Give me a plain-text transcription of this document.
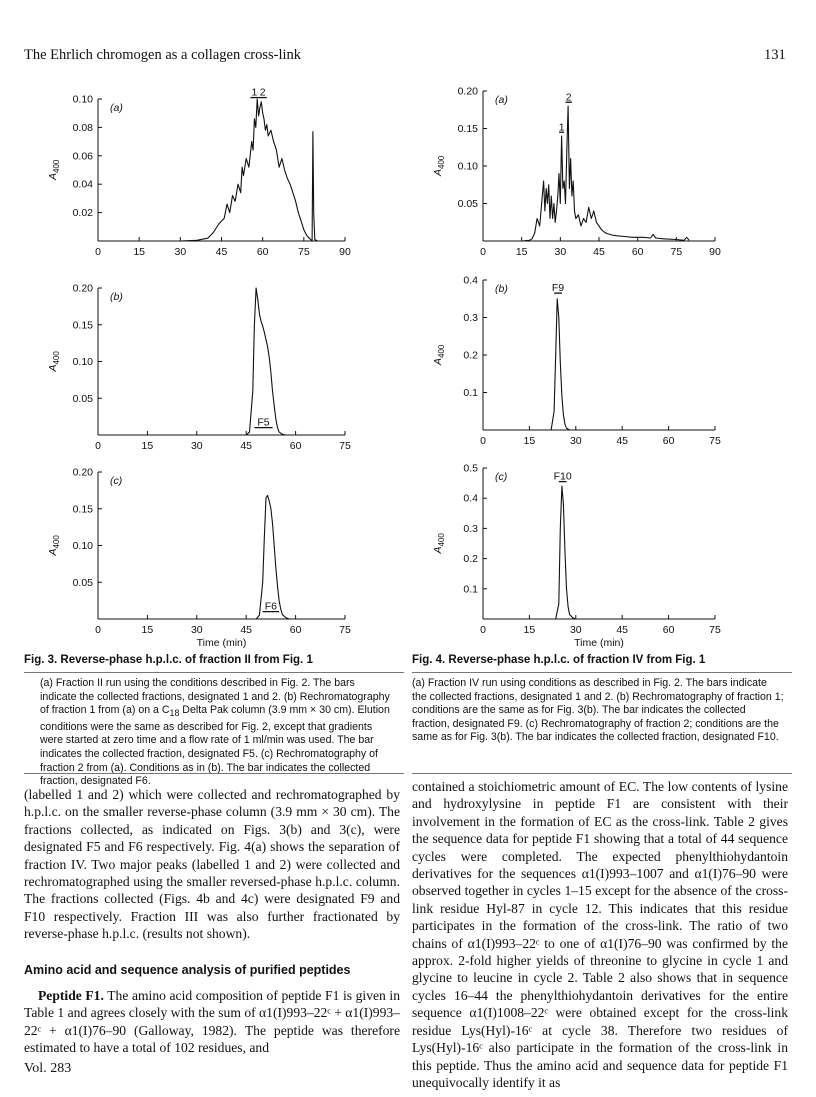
The Ehrlich chromogen as a collagen cross-link	131
0	15	30	45	60	75	90
0.02
0.04
0.06
0.08
0.10
$A_{400}$
(a)
1 2
0	15	30	45	60	75
0.05
0.10
0.15
0.20
$A_{400}$
(b)
F5
0	15	30	45	60	75
0.05
0.10
0.15
0.20
$A_{400}$
(c)
Time (min)
F6
0	15	30	45	60	75	90
0.05
0.10
0.15
0.20
$A_{400}$
(a)
1
2
0	15	30	45	60	75
0.1
0.2
0.3
0.4
$A_{400}$
(b)	F9
0	15	30	45	60	75
0.1
0.2
0.3
0.4
0.5
$A_{400}$
(c)
Time (min)
F10
Fig. 3. Reverse-phase h.p.l.c. of fraction II from Fig. 1	Fig. 4. Reverse-phase h.p.l.c. of fraction IV from Fig. 1
(a) Fraction II run using the conditions described in Fig. 2. The bars indicate the collected fractions, designated 1 and 2. (b) Rechromatography of fraction 1 from (a) on a $C_{18}$ Delta Pak column (3.9 mm × 30 cm). Elution conditions were the same as described for Fig. 2, except that gradients were started at zero time and a flow rate of 1 ml/min was used. The bar indicates the collected fraction, designated F5. (c) Rechromatography of fraction 2 from (a). Conditions as in (b). The bar indicates the collected fraction, designated F6.
(a) Fraction IV run using conditions as described in Fig. 2. The bars indicate the collected fractions, designated 1 and 2. (b) Rechromatography of fraction 1; conditions are the same as for Fig. 3(b). The bar indicates the collected fraction, designated F9. (c) Rechromatography of fraction 2; conditions are the same as for Fig. 3(b). The bar indicates the collected fraction, designated F10.
(labelled 1 and 2) which were collected and rechromatographed by h.p.l.c. on the smaller reverse-phase column (3.9 mm × 30 cm). The fractions collected, as indicated on Figs. 3(b) and 3(c), were designated F5 and F6 respectively. Fig. 4(a) shows the separation of fraction IV. Two major peaks (labelled 1 and 2) were collected and rechromatographed using the smaller reversed-phase h.p.l.c. column. The fractions collected (Figs. 4b and 4c) were designated F9 and F10 respectively. Fraction III was also further fractionated by reverse-phase h.p.l.c. (results not shown).
Amino acid and sequence analysis of purified peptides
Peptide F1. The amino acid composition of peptide F1 is given in Table 1 and agrees closely with the sum of α1(I)993–22ᶜ + α1(I)993–22ᶜ + α1(I)76–90 (Galloway, 1982). The peptide was therefore estimated to have a total of 102 residues, and
contained a stoichiometric amount of EC. The low contents of lysine and hydroxylysine in peptide F1 are consistent with their involvement in the formation of EC as the cross-link. Table 2 gives the sequence data for peptide F1 showing that a total of 44 sequence cycles were completed. The expected phenylthiohydantoin derivatives for the sequences α1(I)993–1007 and α1(I)76–90 were observed together in cycles 1–15 except for the absence of the cross-link residue Hyl-87 in cycle 12. This indicates that this residue participates in the formation of the cross-link. The ratio of two chains of α1(I)993–22ᶜ to one of α1(I)76–90 was confirmed by the approx. 2-fold higher yields of threonine to glycine in cycle 1 and glycine to leucine in cycle 2. Table 2 also shows that in sequence cycles 16–44 the phenylthiohydantoin derivatives for the entire sequence α1(I)1008–22ᶜ were obtained except for the cross-link residue Lys(Hyl)-16ᶜ at cycle 38. Therefore two residues of Lys(Hyl)-16ᶜ also participate in the formation of the cross-link in this peptide. Thus the amino acid and sequence data for peptide F1 unequivocally identify it as
Vol. 283
